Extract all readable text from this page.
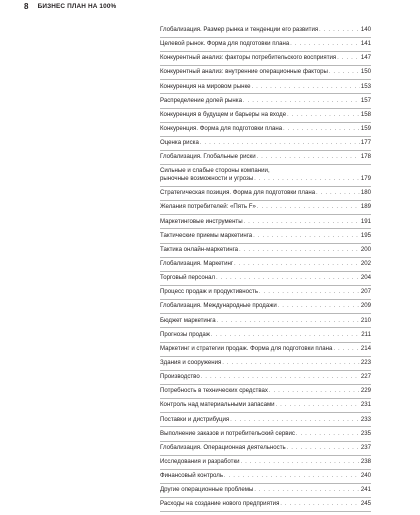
8 БИЗНЕС ПЛАН НА 100%
Глобализация. Размер рынка и тенденции его развития . . .	140
Целевой рынок. Форма для подготовки плана . . .	141
Конкурентный анализ: факторы потребительского восприятия . . .	147
Конкурентный анализ: внутренние операционные факторы . . .	150
Конкуренция на мировом рынке . . .	153
Распределение долей рынка . . .	157
Конкуренция в будущем и барьеры на входе . . .	158
Конкуренция. Форма для подготовки плана . . .	159
Оценка риска . . .	177
Глобализация. Глобальные риски . . .	178
Сильные и слабые стороны компании,
рыночные возможности и угрозы . . .	179
Стратегическая позиция. Форма для подготовки плана . . .	180
Желания потребителей: «Пять F» . . .	189
Маркетинговые инструменты . . .	191
Тактические приемы маркетинга . . .	195
Тактика онлайн-маркетинга . . .	200
Глобализация. Маркетинг . . .	202
Торговый персонал . . .	204
Процесс продаж и продуктивность . . .	207
Глобализация. Международные продажи . . .	209
Бюджет маркетинга . . .	210
Прогнозы продаж . . .	211
Маркетинг и стратегии продаж. Форма для подготовки плана . . .	214
Здания и сооружения . . .	223
Производство . . .	227
Потребность в технических средствах . . .	229
Контроль над материальными запасами . . .	231
Поставки и дистрибуция . . .	233
Выполнение заказов и потребительский сервис . . .	235
Глобализация. Операционная деятельность . . .	237
Исследования и разработки . . .	238
Финансовый контроль . . .	240
Другие операционные проблемы . . .	241
Расходы на создание нового предприятия . . .	245
